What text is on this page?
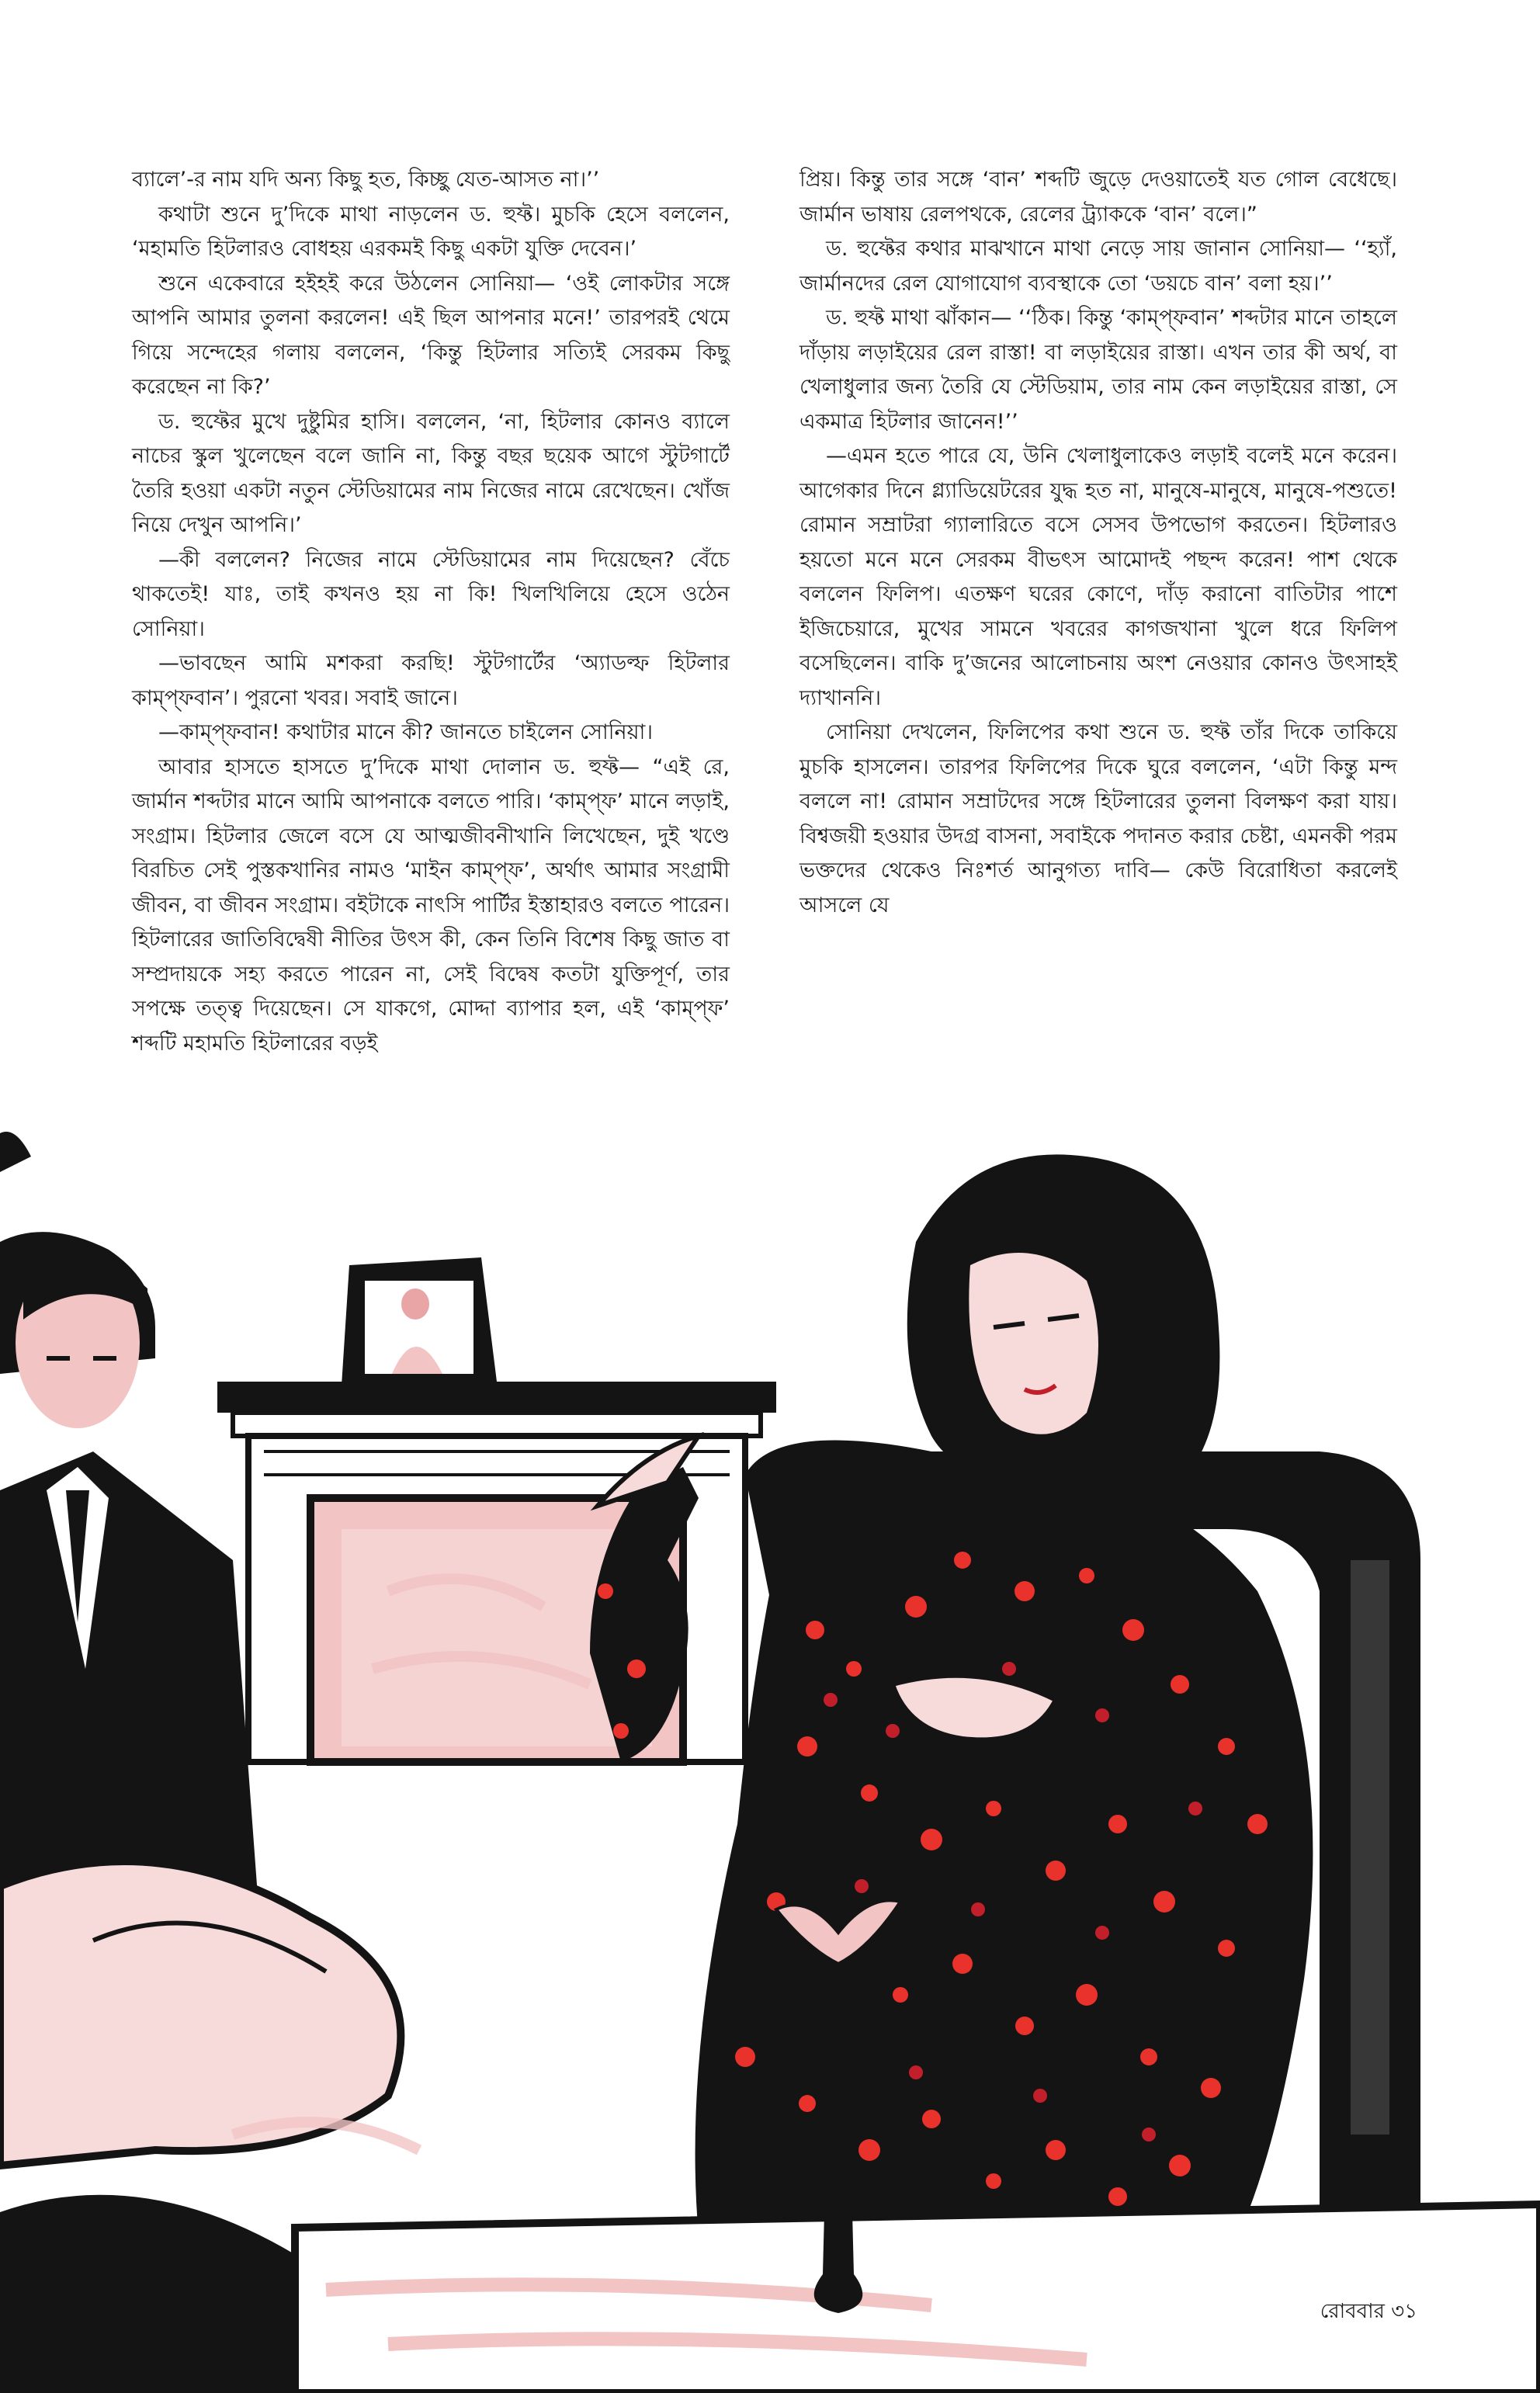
ব্যালে’-র নাম যদি অন্য কিছু হত, কিচ্ছু যেত-আসত না।’’

কথাটা শুনে দু’দিকে মাথা নাড়লেন ড. হুফ্ট। মুচকি হেসে বললেন, ‘মহামতি হিটলারও বোধহয় এরকমই কিছু একটা যুক্তি দেবেন।’

শুনে একেবারে হইহই করে উঠলেন সোনিয়া— ‘ওই লোকটার সঙ্গে আপনি আমার তুলনা করলেন! এই ছিল আপনার মনে!’ তারপরই থেমে গিয়ে সন্দেহের গলায় বললেন, ‘কিন্তু হিটলার সত্যিই সেরকম কিছু করেছেন না কি?’

ড. হুফ্টের মুখে দুষ্টুমির হাসি। বললেন, ‘না, হিটলার কোনও ব্যালে নাচের স্কুল খুলেছেন বলে জানি না, কিন্তু বছর ছয়েক আগে স্টুটগার্টে তৈরি হওয়া একটা নতুন স্টেডিয়ামের নাম নিজের নামে রেখেছেন। খোঁজ নিয়ে দেখুন আপনি।’

—কী বললেন? নিজের নামে স্টেডিয়ামের নাম দিয়েছেন? বেঁচে থাকতেই! যাঃ, তাই কখনও হয় না কি! খিলখিলিয়ে হেসে ওঠেন সোনিয়া।

—ভাবছেন আমি মশকরা করছি! স্টুটগার্টের ‘অ্যাডল্ফ হিটলার কাম্প্ফবান’। পুরনো খবর। সবাই জানে।

—কাম্প্ফবান! কথাটার মানে কী? জানতে চাইলেন সোনিয়া।

আবার হাসতে হাসতে দু’দিকে মাথা দোলান ড. হুফ্ট— “এই রে, জার্মান শব্দটার মানে আমি আপনাকে বলতে পারি। ‘কাম্প্ফ’ মানে লড়াই, সংগ্রাম। হিটলার জেলে বসে যে আত্মজীবনীখানি লিখেছেন, দুই খণ্ডে বিরচিত সেই পুস্তকখানির নামও ‘মাইন কাম্প্ফ’, অর্থাৎ আমার সংগ্রামী জীবন, বা জীবন সংগ্রাম। বইটাকে নাৎসি পার্টির ইস্তাহারও বলতে পারেন। হিটলারের জাতিবিদ্বেষী নীতির উৎস কী, কেন তিনি বিশেষ কিছু জাত বা সম্প্রদায়কে সহ্য করতে পারেন না, সেই বিদ্বেষ কতটা যুক্তিপূর্ণ, তার সপক্ষে তত্ত্ব দিয়েছেন। সে যাকগে, মোদ্দা ব্যাপার হল, এই ‘কাম্প্ফ’ শব্দটি মহামতি হিটলারের বড়ই

প্রিয়। কিন্তু তার সঙ্গে ‘বান’ শব্দটি জুড়ে দেওয়াতেই যত গোল বেধেছে। জার্মান ভাষায় রেলপথকে, রেলের ট্র্যাককে ‘বান’ বলে।”

ড. হুফ্টের কথার মাঝখানে মাথা নেড়ে সায় জানান সোনিয়া— ‘‘হ্যাঁ, জার্মানদের রেল যোগাযোগ ব্যবস্থাকে তো ‘ডয়চে বান’ বলা হয়।’’

ড. হুফ্ট মাথা ঝাঁকান— ‘‘ঠিক। কিন্তু ‘কাম্প্ফবান’ শব্দটার মানে তাহলে দাঁড়ায় লড়াইয়ের রেল রাস্তা! বা লড়াইয়ের রাস্তা। এখন তার কী অর্থ, বা খেলাধুলার জন্য তৈরি যে স্টেডিয়াম, তার নাম কেন লড়াইয়ের রাস্তা, সে একমাত্র হিটলার জানেন!’’

—এমন হতে পারে যে, উনি খেলাধুলাকেও লড়াই বলেই মনে করেন। আগেকার দিনে গ্ল্যাডিয়েটরের যুদ্ধ হত না, মানুষে-মানুষে, মানুষে-পশুতে! রোমান সম্রাটরা গ্যালারিতে বসে সেসব উপভোগ করতেন। হিটলারও হয়তো মনে মনে সেরকম বীভৎস আমোদই পছন্দ করেন! পাশ থেকে বললেন ফিলিপ। এতক্ষণ ঘরের কোণে, দাঁড় করানো বাতিটার পাশে ইজিচেয়ারে, মুখের সামনে খবরের কাগজখানা খুলে ধরে ফিলিপ বসেছিলেন। বাকি দু’জনের আলোচনায় অংশ নেওয়ার কোনও উৎসাহই দ্যাখাননি।

সোনিয়া দেখলেন, ফিলিপের কথা শুনে ড. হুফ্ট তাঁর দিকে তাকিয়ে মুচকি হাসলেন। তারপর ফিলিপের দিকে ঘুরে বললেন, ‘এটা কিন্তু মন্দ বললে না! রোমান সম্রাটদের সঙ্গে হিটলারের তুলনা বিলক্ষণ করা যায়। বিশ্বজয়ী হওয়ার উদগ্র বাসনা, সবাইকে পদানত করার চেষ্টা, এমনকী পরম ভক্তদের থেকেও নিঃশর্ত আনুগত্য দাবি— কেউ বিরোধিতা করলেই আসলে যে

রোববার ৩১
